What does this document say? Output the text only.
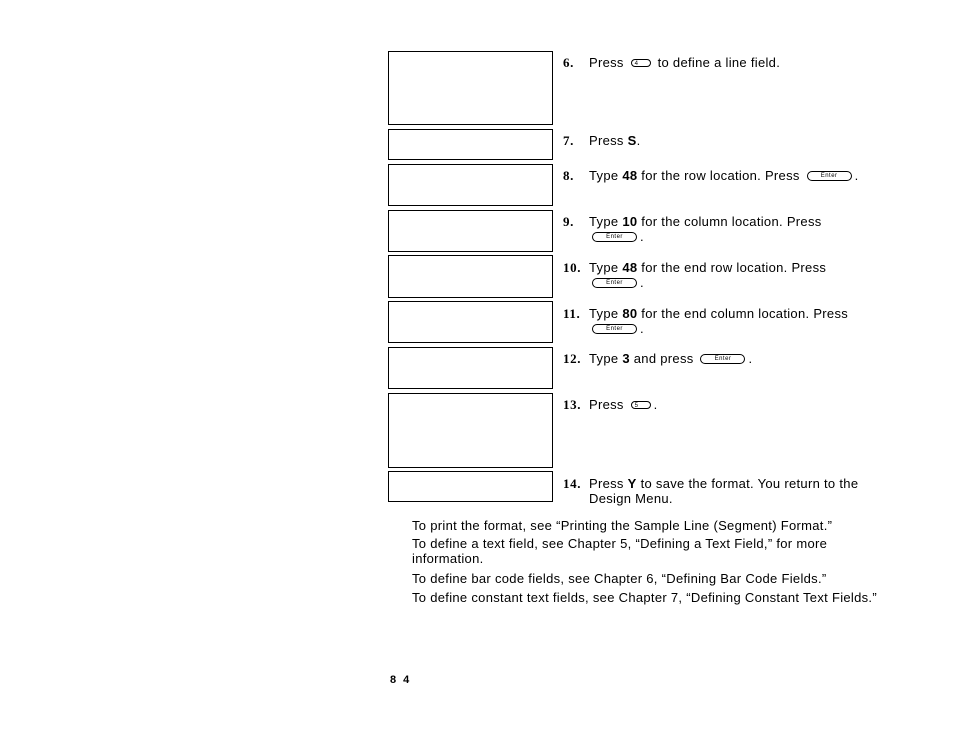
6. Press 4 to define a line field.
7. Press S.
8. Type 48 for the row location. Press	Enter .
9. Type 10 for the column location. Press
Enter .
10. Type 48 for the end row location. Press
Enter .
11. Type 80 for the end column location. Press
Enter .
12. Type 3 and press	Enter .
13. Press 5 .
14. Press Y to save the format. You return to the
Design Menu.
To print the format, see “Printing the Sample Line (Segment) Format.”
To define a text field, see Chapter 5, “Defining a Text Field,” for more information.
To define bar code fields, see Chapter 6, “Defining Bar Code Fields.”
To define constant text fields, see Chapter 7, “Defining Constant Text Fields.”
8 4
